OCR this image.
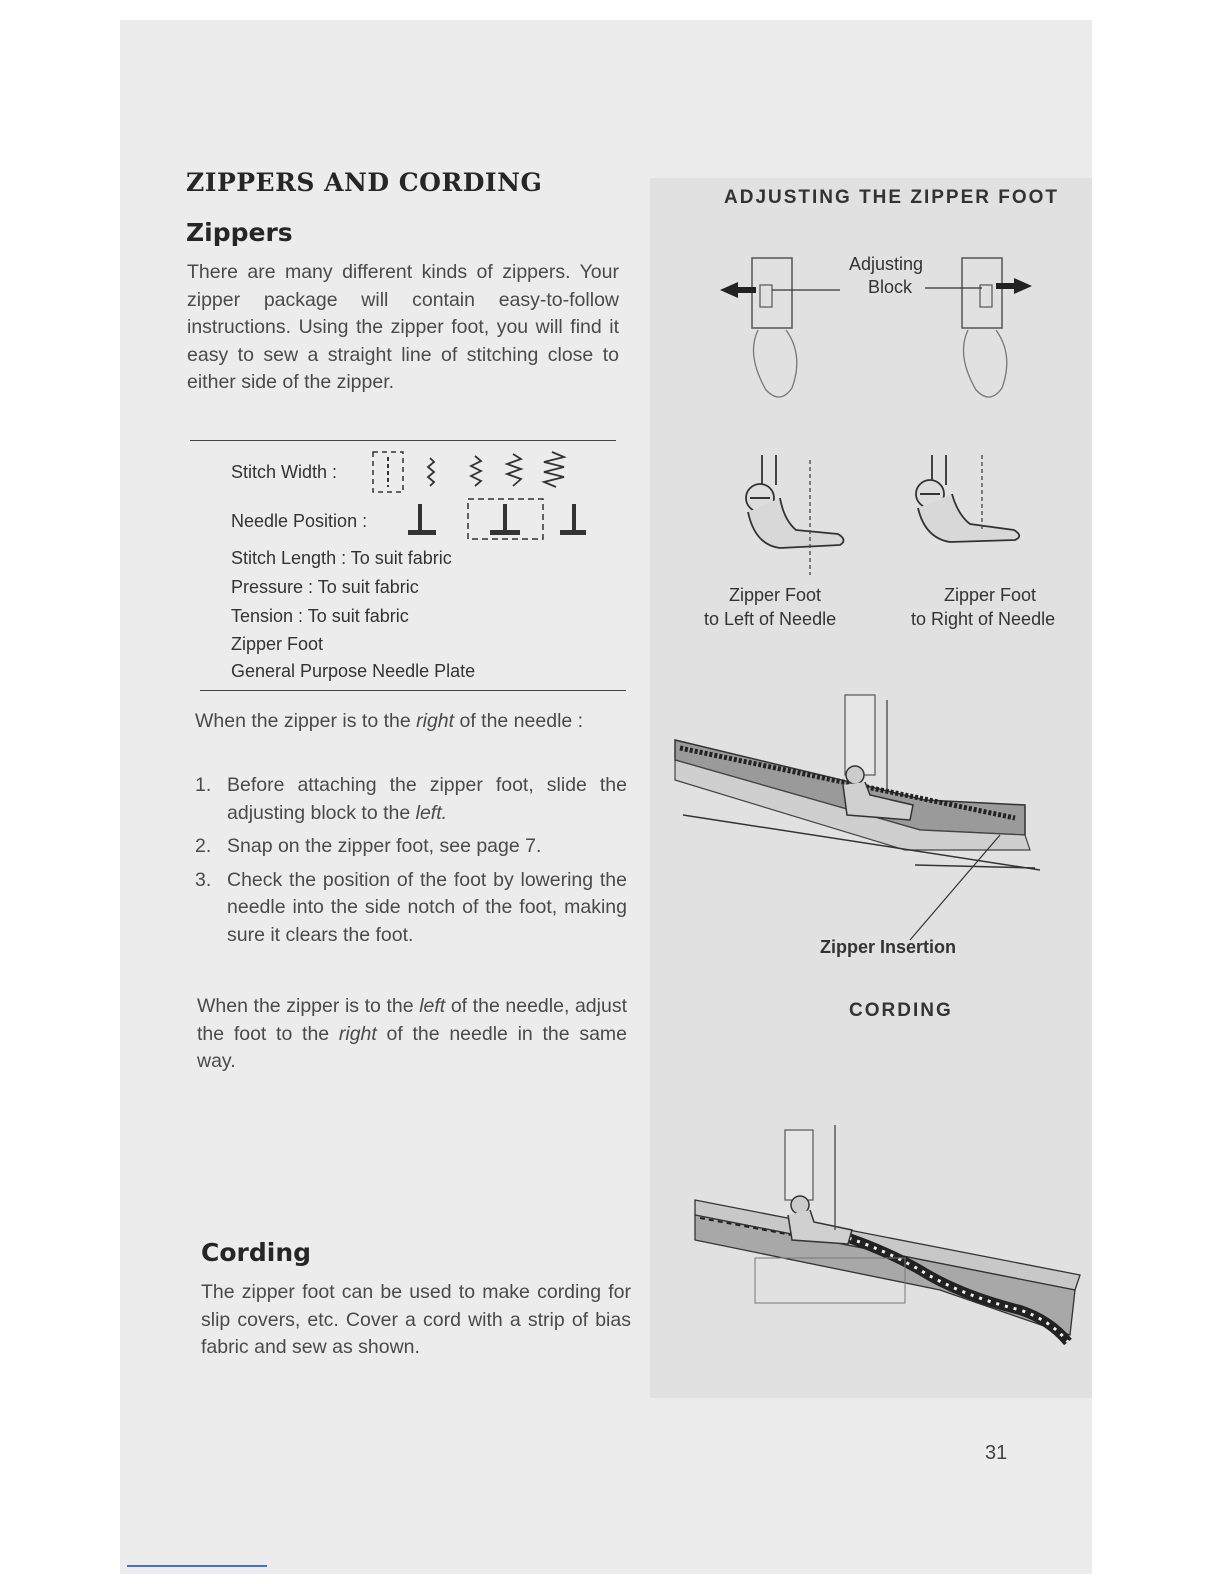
ZIPPERS AND CORDING
Zippers

There are many different kinds of zippers. Your zipper package will contain easy-to-follow instructions. Using the zipper foot, you will find it easy to sew a straight line of stitching close to either side of the zipper.

Stitch Width :
Needle Position :
Stitch Length : To suit fabric
Pressure : To suit fabric
Tension : To suit fabric
Zipper Foot
General Purpose Needle Plate

When the zipper is to the right of the needle :

1. Before attaching the zipper foot, slide the adjusting block to the left.
2. Snap on the zipper foot, see page 7.
3. Check the position of the foot by lowering the needle into the side notch of the foot, making sure it clears the foot.

When the zipper is to the left of the needle, adjust the foot to the right of the needle in the same way.

Cording

The zipper foot can be used to make cording for slip covers, etc. Cover a cord with a strip of bias fabric and sew as shown.

ADJUSTING THE ZIPPER FOOT
Adjusting
Block
Zipper Foot
to Left of Needle
Zipper Foot
to Right of Needle
Zipper Insertion
CORDING
31
